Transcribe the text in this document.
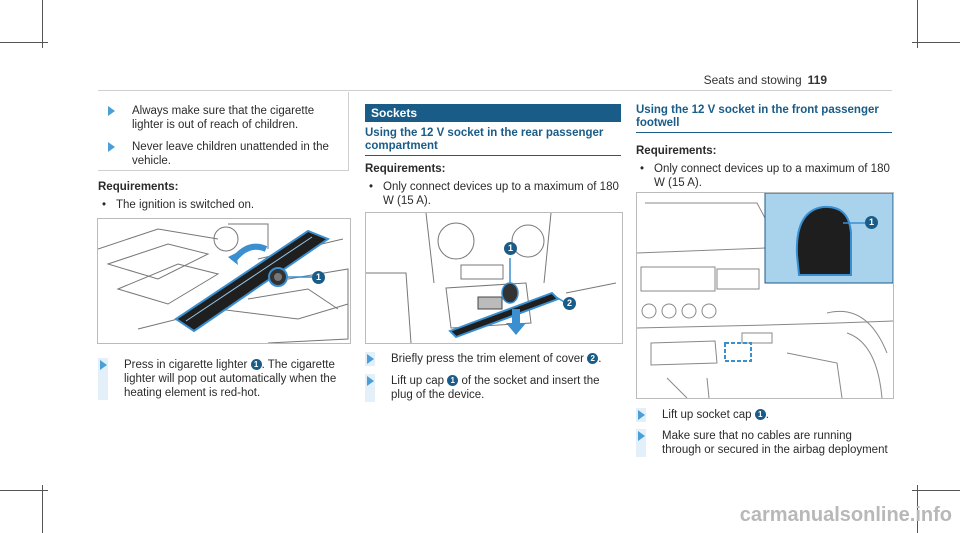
Seats and stowing 119
Always make sure that the cigarette lighter is out of reach of children.
Never leave children unattended in the vehicle.
Requirements:
• The ignition is switched on.
1
Press in cigarette lighter 1 . The cigarette lighter will pop out automatically when the heating element is red-hot.
Sockets
Using the 12 V socket in the rear passenger compartment
Requirements:
• Only connect devices up to a maximum of 180 W (15 A).
1
2
Briefly press the trim element of cover 2 .
Lift up cap 1 of the socket and insert the plug of the device.
Using the 12 V socket in the front passenger footwell
Requirements:
• Only connect devices up to a maximum of 180 W (15 A).
1
Lift up socket cap 1 .
Make sure that no cables are running through or secured in the airbag deployment
carmanualsonline.info
